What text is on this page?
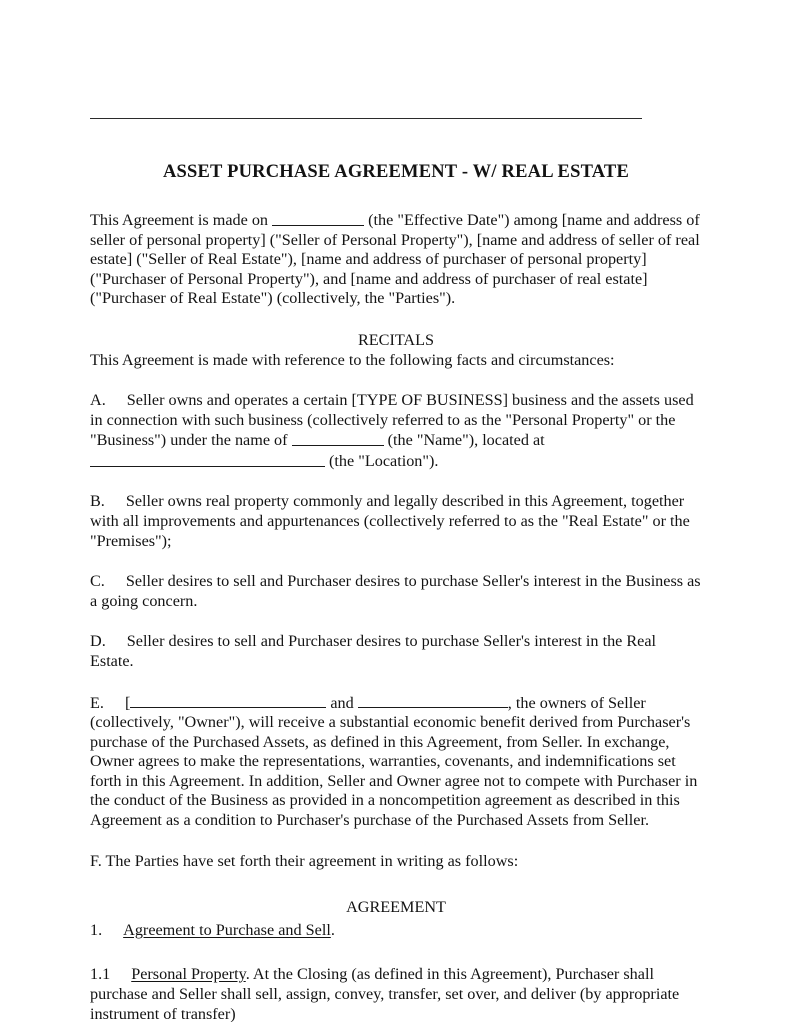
ASSET PURCHASE AGREEMENT - W/ REAL ESTATE

This Agreement is made on	(the "Effective Date") among [name and address of seller of personal property] ("Seller of Personal Property"), [name and address of seller of real estate] ("Seller of Real Estate"), [name and address of purchaser of personal property] ("Purchaser of Personal Property"), and [name and address of purchaser of real estate] ("Purchaser of Real Estate") (collectively, the "Parties").

RECITALS

This Agreement is made with reference to the following facts and circumstances:

A. Seller owns and operates a certain [TYPE OF BUSINESS] business and the assets used in connection with such business (collectively referred to as the "Personal Property" or the "Business") under the name of	(the "Name"), located at  (the "Location").

B. Seller owns real property commonly and legally described in this Agreement, together with all improvements and appurtenances (collectively referred to as the "Real Estate" or the "Premises");

C. Seller desires to sell and Purchaser desires to purchase Seller's interest in the Business as a going concern.

D. Seller desires to sell and Purchaser desires to purchase Seller's interest in the Real Estate.

E. [	and	, the owners of Seller (collectively, "Owner"), will receive a substantial economic benefit derived from Purchaser's purchase of the Purchased Assets, as defined in this Agreement, from Seller. In exchange, Owner agrees to make the representations, warranties, covenants, and indemnifications set forth in this Agreement. In addition, Seller and Owner agree not to compete with Purchaser in the conduct of the Business as provided in a noncompetition agreement as described in this Agreement as a condition to Purchaser's purchase of the Purchased Assets from Seller.

F. The Parties have set forth their agreement in writing as follows:

AGREEMENT

1. Agreement to Purchase and Sell.

1.1 Personal Property. At the Closing (as defined in this Agreement), Purchaser shall purchase and Seller shall sell, assign, convey, transfer, set over, and deliver (by appropriate instrument of transfer)
